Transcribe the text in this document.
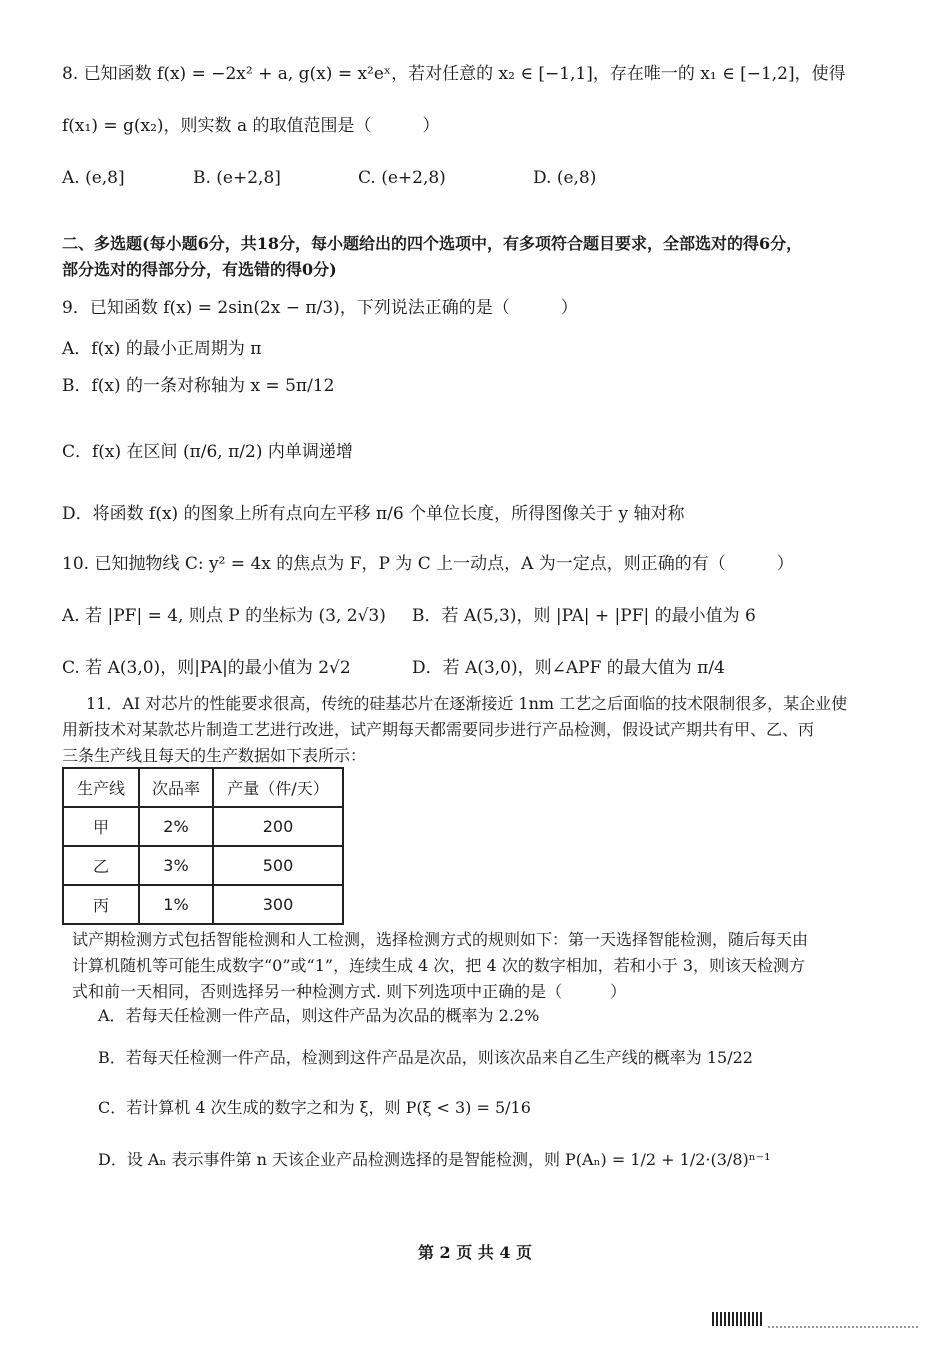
8. 已知函数 f(x) = −2x² + a, g(x) = x²eˣ，若对任意的 x₂ ∈ [−1,1]，存在唯一的 x₁ ∈ [−1,2]，使得
f(x₁) = g(x₂)，则实数 a 的取值范围是（　　　）
A. (e,8]	B. (e+2,8]	C. (e+2,8)	D. (e,8)
二、多选题(每小题6分，共18分，每小题给出的四个选项中，有多项符合题目要求，全部选对的得6分，
部分选对的得部分分，有选错的得0分)
9．已知函数 f(x) = 2sin(2x − π/3)，下列说法正确的是（　　　）
A．f(x) 的最小正周期为 π
B．f(x) 的一条对称轴为 x = 5π/12
C．f(x) 在区间 (π/6, π/2) 内单调递增
D．将函数 f(x) 的图象上所有点向左平移 π/6 个单位长度，所得图像关于 y 轴对称
10. 已知抛物线 C: y² = 4x 的焦点为 F，P 为 C 上一动点，A 为一定点，则正确的有（　　　）
A. 若 |PF| = 4, 则点 P 的坐标为 (3, 2√3) B．若 A(5,3)，则 |PA| + |PF| 的最小值为 6
C. 若 A(3,0)，则|PA|的最小值为 2√2	D．若 A(3,0)，则∠APF 的最大值为 π/4
11．AI 对芯片的性能要求很高，传统的硅基芯片在逐渐接近 1nm 工艺之后面临的技术限制很多，某企业使
用新技术对某款芯片制造工艺进行改进，试产期每天都需要同步进行产品检测，假设试产期共有甲、乙、丙
三条生产线且每天的生产数据如下表所示：
生产线	次品率	产量（件/天）
甲	2%	200
乙	3%	500
丙	1%	300
试产期检测方式包括智能检测和人工检测，选择检测方式的规则如下：第一天选择智能检测，随后每天由
计算机随机等可能生成数字“0”或“1”，连续生成 4 次，把 4 次的数字相加，若和小于 3，则该天检测方
式和前一天相同，否则选择另一种检测方式. 则下列选项中正确的是（　　　）
A．若每天任检测一件产品，则这件产品为次品的概率为 2.2%
B．若每天任检测一件产品，检测到这件产品是次品，则该次品来自乙生产线的概率为 15/22
C．若计算机 4 次生成的数字之和为 ξ，则 P(ξ < 3) = 5/16
D．设 Aₙ 表示事件第 n 天该企业产品检测选择的是智能检测，则 P(Aₙ) = 1/2 + 1/2·(3/8)ⁿ⁻¹
第 2 页 共 4 页
